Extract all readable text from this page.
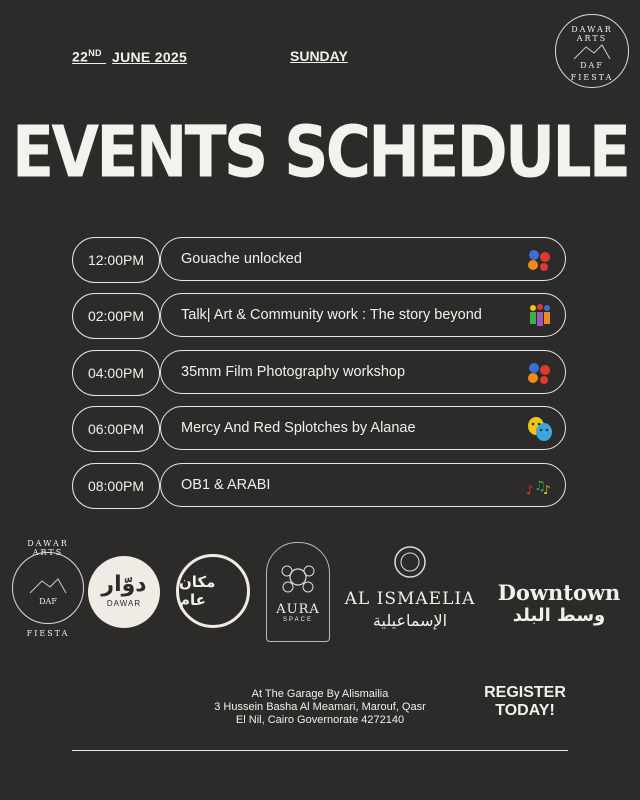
22ND JUNE 2025	SUNDAY
DAWAR ARTS
DAF
FIESTA
EVENTS SCHEDULE
12:00PM	Gouache unlocked
02:00PM	Talk| Art & Community work : The story beyond
04:00PM	35mm Film Photography workshop
06:00PM	Mercy And Red Splotches by Alanae
08:00PM	OB1 & ARABI	♪ ♫
♪
DAWAR ARTS
DAF
FIESTA
دوّار
DAWAR
مكان عام
AURA
SPACE
AL ISMAELIA
الإسماعيلية
Downtown
وسط البلد
At The Garage By Alismailia
3 Hussein Basha Al Meamari, Marouf, Qasr
El Nil, Cairo Governorate 4272140
REGISTER
TODAY!
